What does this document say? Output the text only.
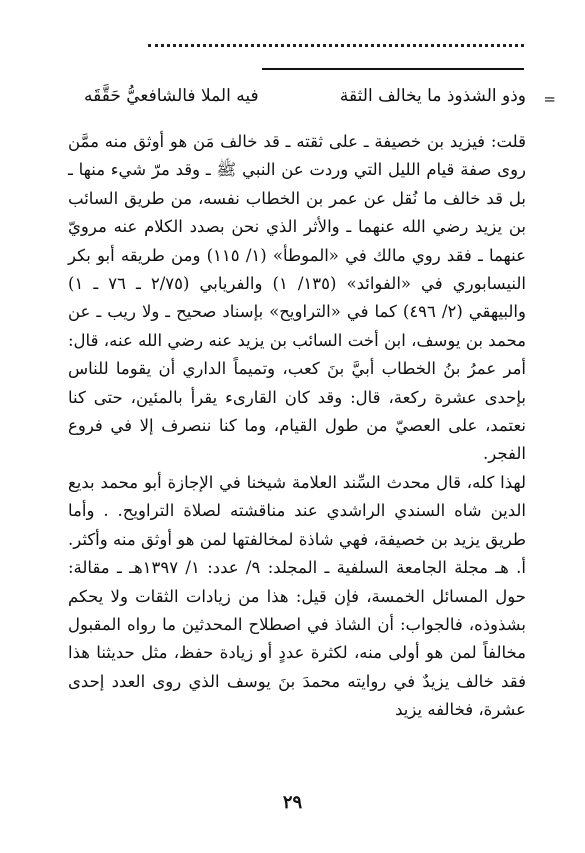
=
وذو الشذوذ ما يخالف الثقة
فيه الملا فالشافعيُّ حَقَّقَه

قلت: فيزيد بن خصيفة ـ على ثقته ـ قد خالف مَن هو أوثق منه ممَّن روى صفة قيام الليل التي وردت عن النبي ﷺ ـ وقد مرّ شيء منها ـ بل قد خالف ما نُقل عن عمر بن الخطاب نفسه، من طريق السائب بن يزيد رضي الله عنهما ـ والأثر الذي نحن بصدد الكلام عنه مرويّ عنهما ـ فقد روي مالك في «الموطأ» (١/ ١١٥) ومن طريقه أبو بكر النيسابوري في «الفوائد» (١٣٥/ ١) والفريابي (٢/٧٥ ـ ٧٦ ـ ١) والبيهقي (٢/ ٤٩٦) كما في «التراويح» بإسناد صحيح ـ ولا ريب ـ عن محمد بن يوسف، ابن أخت السائب بن يزيد عنه رضي الله عنه، قال: أمر عمرُ بنُ الخطاب أبيَّ بنَ كعب، وتميماً الداري أن يقوما للناس بإحدى عشرة ركعة، قال: وقد كان القارىء يقرأ بالمئين، حتى كنا نعتمد، على العصيّ من طول القيام، وما كنا ننصرف إلا في فروع الفجر.

لهذا كله، قال محدث السِّند العلامة شيخنا في الإجازة أبو محمد بديع الدين شاه السندي الراشدي عند مناقشته لصلاة التراويح. . وأما طريق يزيد بن خصيفة، فهي شاذة لمخالفتها لمن هو أوثق منه وأكثر. أ. هـ مجلة الجامعة السلفية ـ المجلد: ٩/ عدد: ١/ ١٣٩٧هـ ـ مقالة: حول المسائل الخمسة، فإن قيل: هذا من زيادات الثقات ولا يحكم بشذوذه، فالجواب: أن الشاذ في اصطلاح المحدثين ما رواه المقبول مخالفاً لمن هو أولى منه، لكثرة عددٍ أو زيادة حفظ، مثل حديثنا هذا فقد خالف يزيدٌ في روايته محمدَ بنَ يوسف الذي روى العدد إحدى عشرة، فخالفه يزيد

٢٩
